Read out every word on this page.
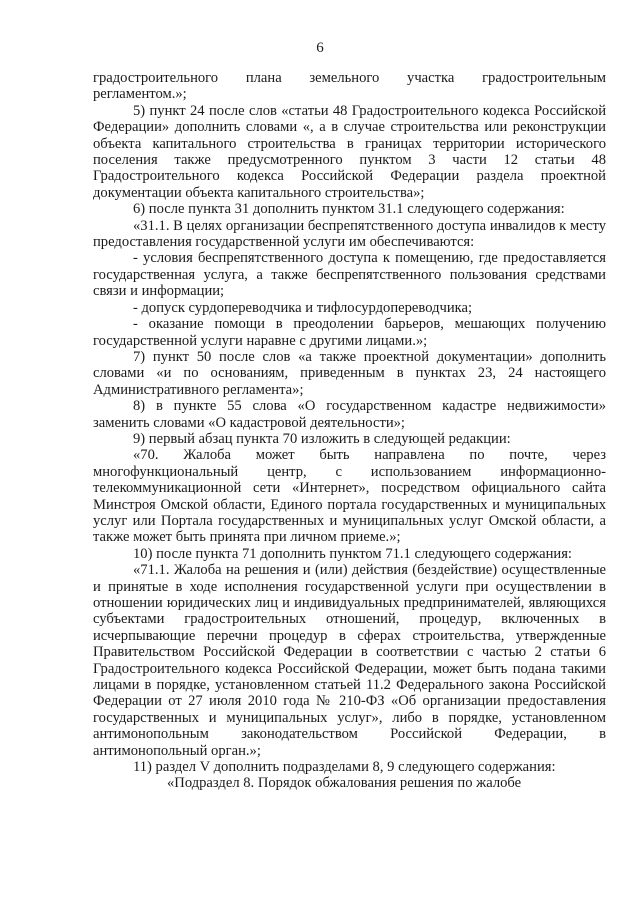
6

градостроительного плана земельного участка градостроительным регламентом.»;

5) пункт 24 после слов «статьи 48 Градостроительного кодекса Российской Федерации» дополнить словами «, а в случае строительства или реконструкции объекта капитального строительства в границах территории исторического поселения также предусмотренного пунктом 3 части 12 статьи 48 Градостроительного кодекса Российской Федерации раздела проектной документации объекта капитального строительства»;

6) после пункта 31 дополнить пунктом 31.1 следующего содержания:

«31.1. В целях организации беспрепятственного доступа инвалидов к месту предоставления государственной услуги им обеспечиваются:

- условия беспрепятственного доступа к помещению, где предоставляется государственная услуга, а также беспрепятственного пользования средствами связи и информации;

- допуск сурдопереводчика и тифлосурдопереводчика;

- оказание помощи в преодолении барьеров, мешающих получению государственной услуги наравне с другими лицами.»;

7) пункт 50 после слов «а также проектной документации» дополнить словами «и по основаниям, приведенным в пунктах 23, 24 настоящего Административного регламента»;

8) в пункте 55 слова «О государственном кадастре недвижимости» заменить словами «О кадастровой деятельности»;

9) первый абзац пункта 70 изложить в следующей редакции:

«70. Жалоба может быть направлена по почте, через многофункциональный центр, с использованием информационно-телекоммуникационной сети «Интернет», посредством официального сайта Минстроя Омской области, Единого портала государственных и муниципальных услуг или Портала государственных и муниципальных услуг Омской области, а также может быть принята при личном приеме.»;

10) после пункта 71 дополнить пунктом 71.1 следующего содержания:

«71.1. Жалоба на решения и (или) действия (бездействие) осуществленные и принятые в ходе исполнения государственной услуги при осуществлении в отношении юридических лиц и индивидуальных предпринимателей, являющихся субъектами градостроительных отношений, процедур, включенных в исчерпывающие перечни процедур в сферах строительства, утвержденные Правительством Российской Федерации в соответствии с частью 2 статьи 6 Градостроительного кодекса Российской Федерации, может быть подана такими лицами в порядке, установленном статьей 11.2 Федерального закона Российской Федерации от 27 июля 2010 года № 210-ФЗ «Об организации предоставления государственных и муниципальных услуг», либо в порядке, установленном антимонопольным законодательством Российской Федерации, в антимонопольный орган.»;

11) раздел V дополнить подразделами 8, 9 следующего содержания:

«Подраздел 8. Порядок обжалования решения по жалобе
